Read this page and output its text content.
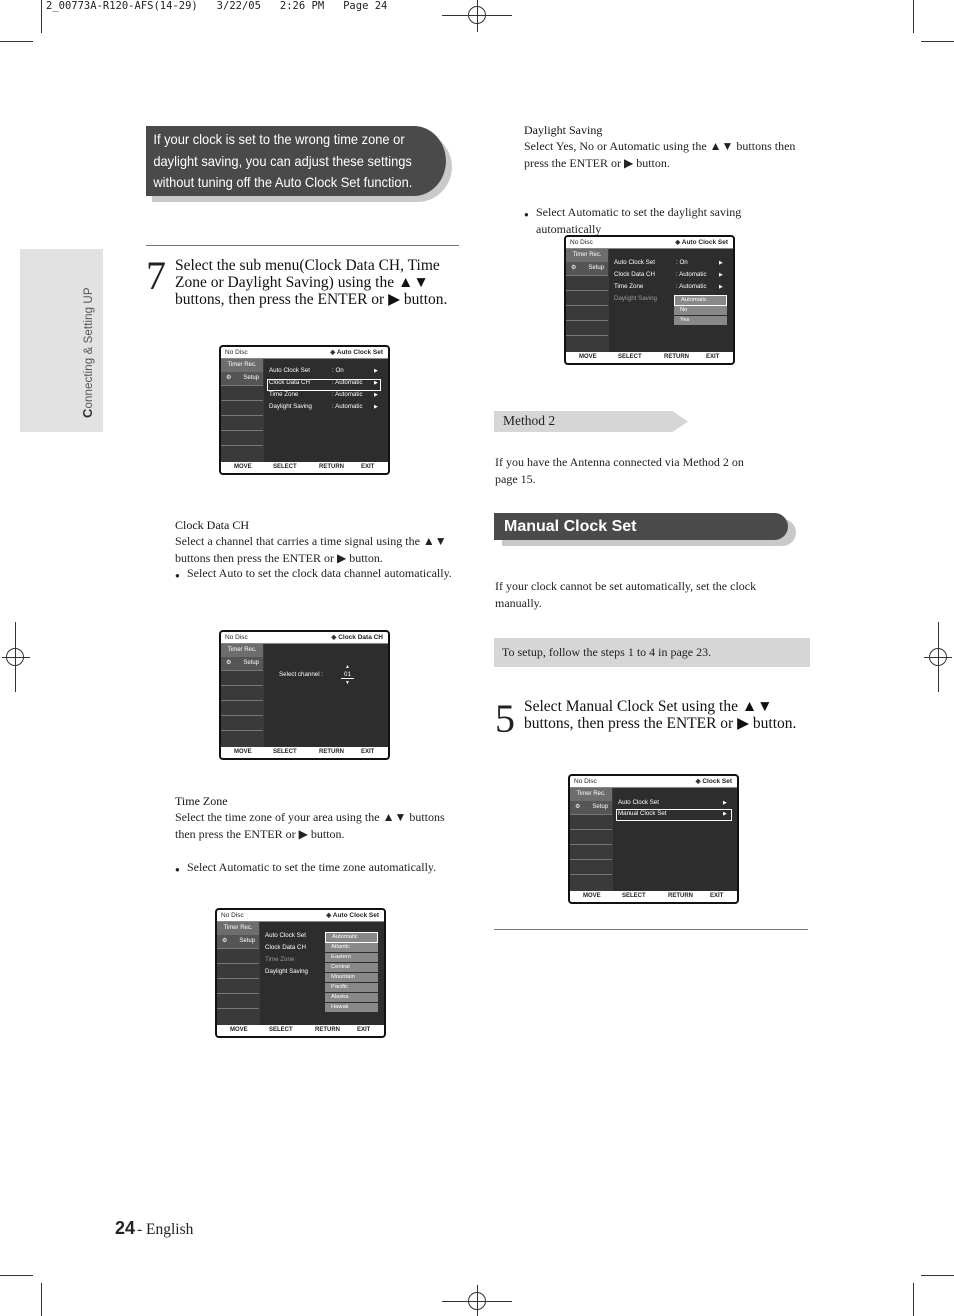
2_00773A-R120-AFS(14-29)   3/22/05   2:26 PM   Page 24
Connecting & Setting UP
If your clock is set to the wrong time zone or
daylight saving, you can adjust these settings
without tuning off the Auto Clock Set function.
7 Select the sub menu(Clock Data CH, Time
Zone or Daylight Saving) using the ▲▼
buttons, then press the ENTER or ▶ button.
No Disc	◈ Auto Clock Set
Timer Rec.
⚙ Setup
Auto Clock Set	: On	▶
Clock Data CH	: Automatic ▶
Time Zone	: Automatic ▶
Daylight Saving	: Automatic ▶
MOVE	SELECT	RETURN	EXIT
Clock Data CH
Select a channel that carries a time signal using the ▲▼
buttons then press the ENTER or ▶ button.
● Select Auto to set the clock data channel automatically.
No Disc	◈ Clock Data CH
Timer Rec.
⚙ Setup
Select channel :
▲
01
▼
MOVE	SELECT	RETURN	EXIT
Time Zone
Select the time zone of your area using the ▲▼ buttons
then press the ENTER or ▶ button.
● Select Automatic to set the time zone automatically.
No Disc	◈ Auto Clock Set
Timer Rec.
⚙ Setup
Auto Clock Set
Clock Data CH
Time Zone
Daylight Saving
Automatic
Atlantic
Eastern
Central
Mountain
Pacific
Alaska
Hawaii
MOVE	SELECT	RETURN	EXIT
Daylight Saving
Select Yes, No or Automatic using the ▲▼ buttons then
press the ENTER or ▶ button.
● Select Automatic to set the daylight saving
automatically
No Disc	◈ Auto Clock Set
Timer Rec.
⚙ Setup
Auto Clock Set	: On	▶
Clock Data CH	: Automatic ▶
Time Zone	: Automatic ▶
Daylight Saving	Automatic
No
Yes
MOVE	SELECT	RETURN	EXIT
Method 2
If you have the Antenna connected via Method 2 on
page 15.
Manual Clock Set
If your clock cannot be set automatically, set the clock
manually.
To setup, follow the steps 1 to 4 in page 23.
5 Select Manual Clock Set using the ▲▼
buttons, then press the ENTER or ▶ button.
No Disc	◈ Clock Set
Timer Rec.
⚙ Setup
Auto Clock Set	▶
Manual Clock Set	▶
MOVE	SELECT	RETURN	EXIT
24 - English
